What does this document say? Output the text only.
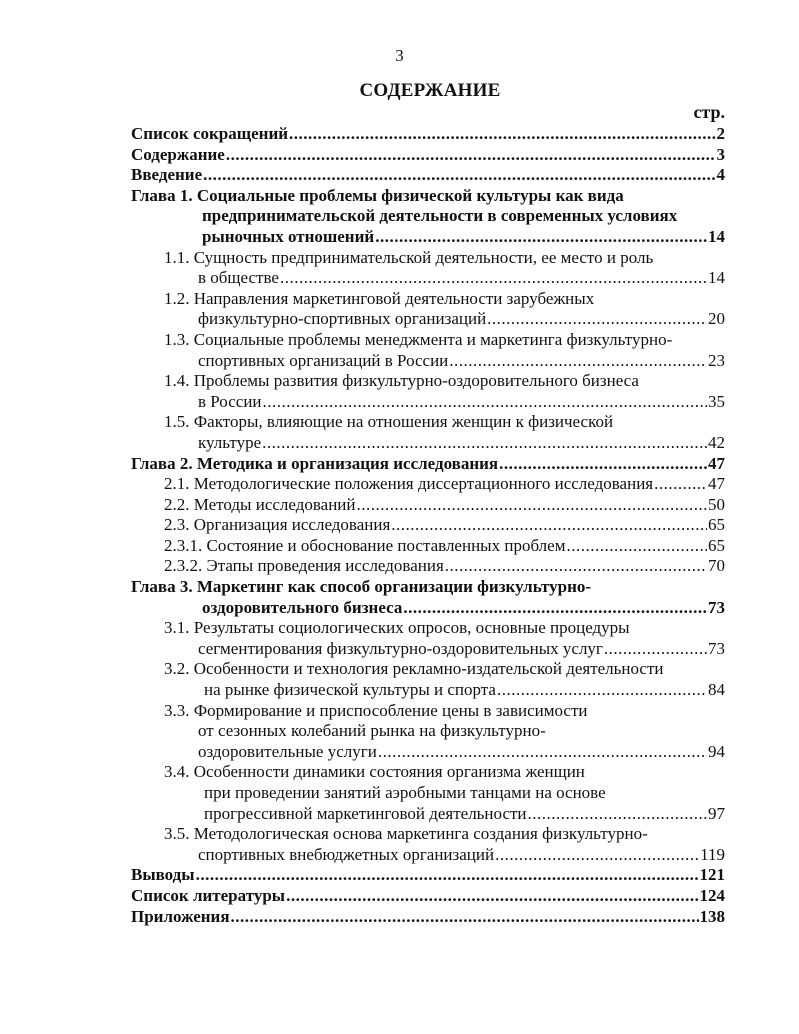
3
СОДЕРЖАНИЕ
стр.
Список сокращений .....	2
Содержание .....	3
Введение .....	4
Глава 1. Социальные проблемы физической культуры как вида
предпринимательской деятельности в современных условиях
рыночных отношений .....	14
1.1. Сущность предпринимательской деятельности, ее место и роль
в обществе .....	14
1.2. Направления маркетинговой деятельности зарубежных
физкультурно-спортивных организаций .....	20
1.3. Социальные проблемы менеджмента и маркетинга физкультурно-
спортивных организаций в России .....	23
1.4. Проблемы развития физкультурно-оздоровительного бизнеса
в России .....	35
1.5. Факторы, влияющие на отношения женщин к физической
культуре .....	42
Глава 2. Методика и организация исследования .....	47
2.1. Методологические положения диссертационного исследования .....	47
2.2. Методы исследований .....	50
2.3. Организация исследования .....	65
2.3.1. Состояние и обоснование поставленных проблем .....	65
2.3.2. Этапы проведения исследования .....	70
Глава 3. Маркетинг как способ организации физкультурно-
оздоровительного бизнеса .....	73
3.1. Результаты социологических опросов, основные процедуры
сегментирования физкультурно-оздоровительных услуг .....	73
3.2. Особенности и технология рекламно-издательской деятельности
на рынке физической культуры и спорта .....	84
3.3. Формирование и приспособление цены в зависимости
от сезонных колебаний рынка на физкультурно-
оздоровительные услуги .....	94
3.4. Особенности динамики состояния организма женщин
при проведении занятий аэробными танцами на основе
прогрессивной маркетинговой деятельности .....	97
3.5. Методологическая основа маркетинга создания физкультурно-
спортивных внебюджетных организаций .....	119
Выводы .....	121
Список литературы .....	124
Приложения .....	138
